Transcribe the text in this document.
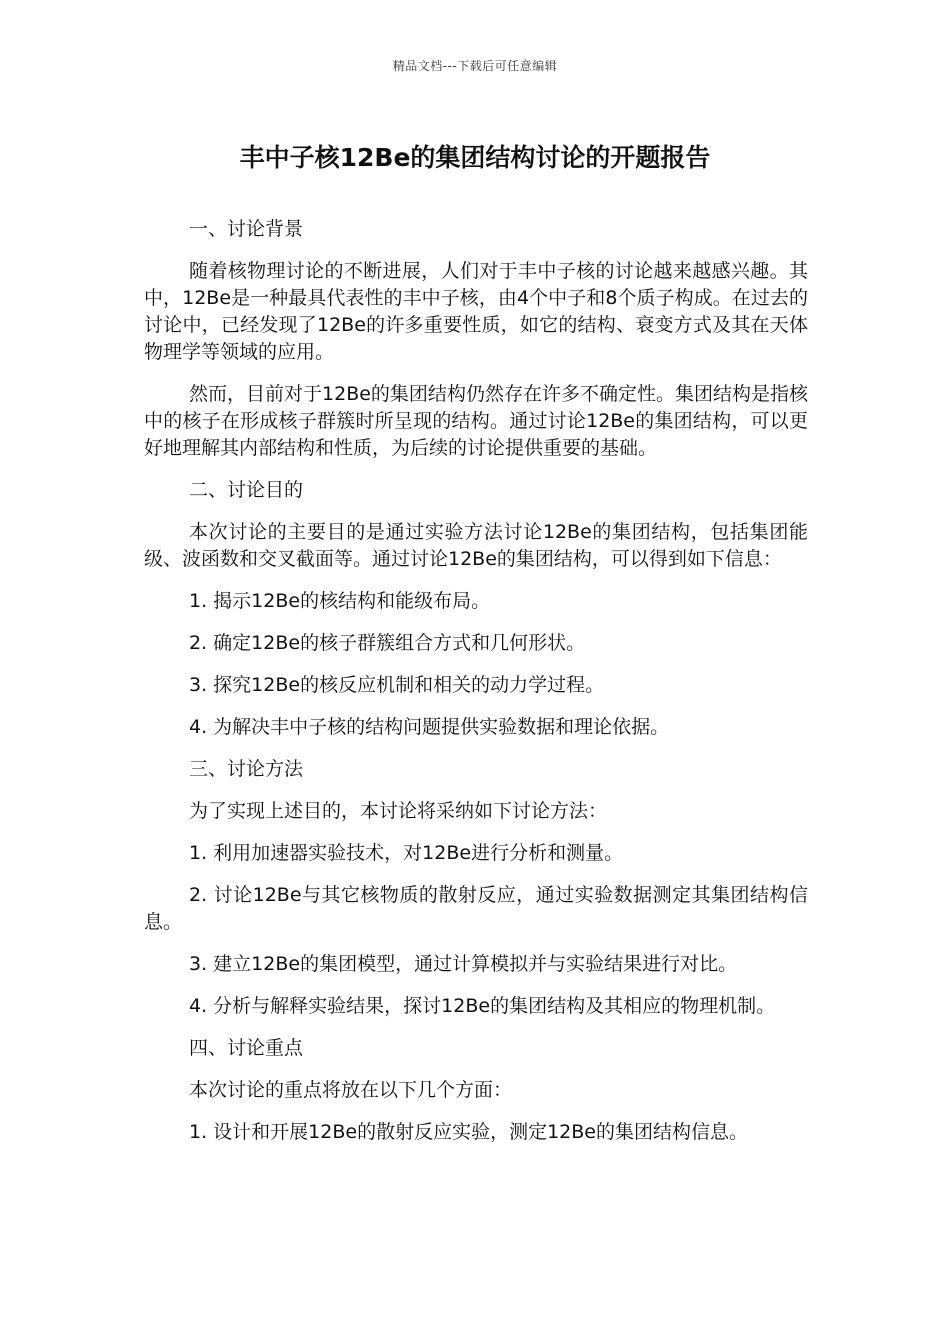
精品文档---下载后可任意编辑
丰中子核12Be的集团结构讨论的开题报告

一、讨论背景

随着核物理讨论的不断进展，人们对于丰中子核的讨论越来越感兴趣。其中，12Be是一种最具代表性的丰中子核，由4个中子和8个质子构成。在过去的讨论中，已经发现了12Be的许多重要性质，如它的结构、衰变方式及其在天体物理学等领域的应用。

然而，目前对于12Be的集团结构仍然存在许多不确定性。集团结构是指核中的核子在形成核子群簇时所呈现的结构。通过讨论12Be的集团结构，可以更好地理解其内部结构和性质，为后续的讨论提供重要的基础。

二、讨论目的

本次讨论的主要目的是通过实验方法讨论12Be的集团结构，包括集团能级、波函数和交叉截面等。通过讨论12Be的集团结构，可以得到如下信息：

1. 揭示12Be的核结构和能级布局。

2. 确定12Be的核子群簇组合方式和几何形状。

3. 探究12Be的核反应机制和相关的动力学过程。

4. 为解决丰中子核的结构问题提供实验数据和理论依据。

三、讨论方法

为了实现上述目的，本讨论将采纳如下讨论方法：

1. 利用加速器实验技术，对12Be进行分析和测量。

2. 讨论12Be与其它核物质的散射反应，通过实验数据测定其集团结构信息。

3. 建立12Be的集团模型，通过计算模拟并与实验结果进行对比。

4. 分析与解释实验结果，探讨12Be的集团结构及其相应的物理机制。

四、讨论重点

本次讨论的重点将放在以下几个方面：

1. 设计和开展12Be的散射反应实验，测定12Be的集团结构信息。
